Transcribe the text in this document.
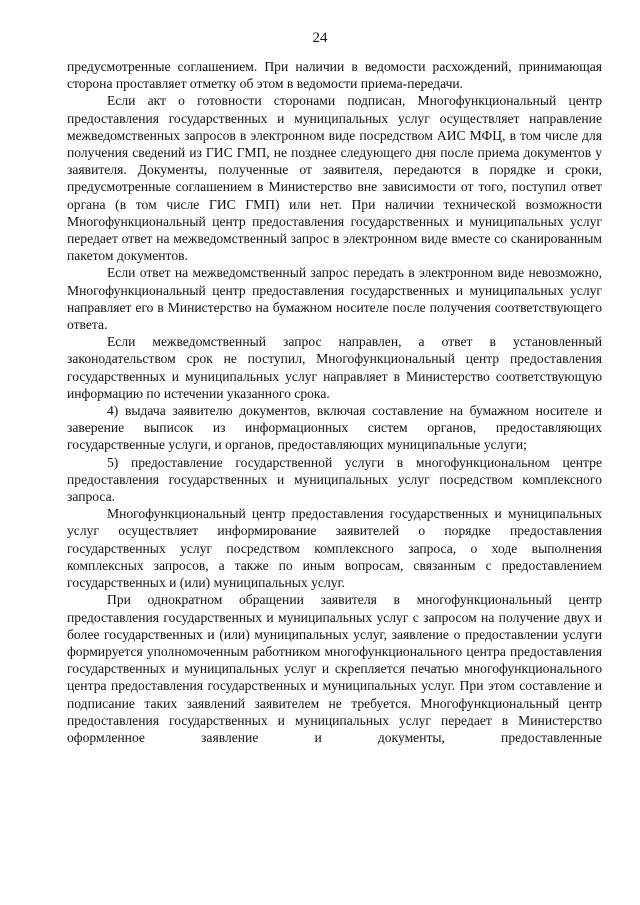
24

предусмотренные соглашением. При наличии в ведомости расхождений, принимающая сторона проставляет отметку об этом в ведомости приема-передачи.

Если акт о готовности сторонами подписан, Многофункциональный центр предоставления государственных и муниципальных услуг осуществляет направление межведомственных запросов в электронном виде посредством АИС МФЦ, в том числе для получения сведений из ГИС ГМП, не позднее следующего дня после приема документов у заявителя. Документы, полученные от заявителя, передаются в порядке и сроки, предусмотренные соглашением в Министерство вне зависимости от того, поступил ответ органа (в том числе ГИС ГМП) или нет. При наличии технической возможности Многофункциональный центр предоставления государственных и муниципальных услуг передает ответ на межведомственный запрос в электронном виде вместе со сканированным пакетом документов.

Если ответ на межведомственный запрос передать в электронном виде невозможно, Многофункциональный центр предоставления государственных и муниципальных услуг направляет его в Министерство на бумажном носителе после получения соответствующего ответа.

Если межведомственный запрос направлен, а ответ в установленный законодательством срок не поступил, Многофункциональный центр предоставления государственных и муниципальных услуг направляет в Министерство соответствующую информацию по истечении указанного срока.

4) выдача заявителю документов, включая составление на бумажном носителе и заверение выписок из информационных систем органов, предоставляющих государственные услуги, и органов, предоставляющих муниципальные услуги;

5) предоставление государственной услуги в многофункциональном центре предоставления государственных и муниципальных услуг посредством комплексного запроса.

Многофункциональный центр предоставления государственных и муниципальных услуг осуществляет информирование заявителей о порядке предоставления государственных услуг посредством комплексного запроса, о ходе выполнения комплексных запросов, а также по иным вопросам, связанным с предоставлением государственных и (или) муниципальных услуг.

При однократном обращении заявителя в многофункциональный центр предоставления государственных и муниципальных услуг с запросом на получение двух и более государственных и (или) муниципальных услуг, заявление о предоставлении услуги формируется уполномоченным работником многофункционального центра предоставления государственных и муниципальных услуг и скрепляется печатью многофункционального центра предоставления государственных и муниципальных услуг. При этом составление и подписание таких заявлений заявителем не требуется. Многофункциональный центр предоставления государственных и муниципальных услуг передает в Министерство оформленное заявление и документы, предоставленные
